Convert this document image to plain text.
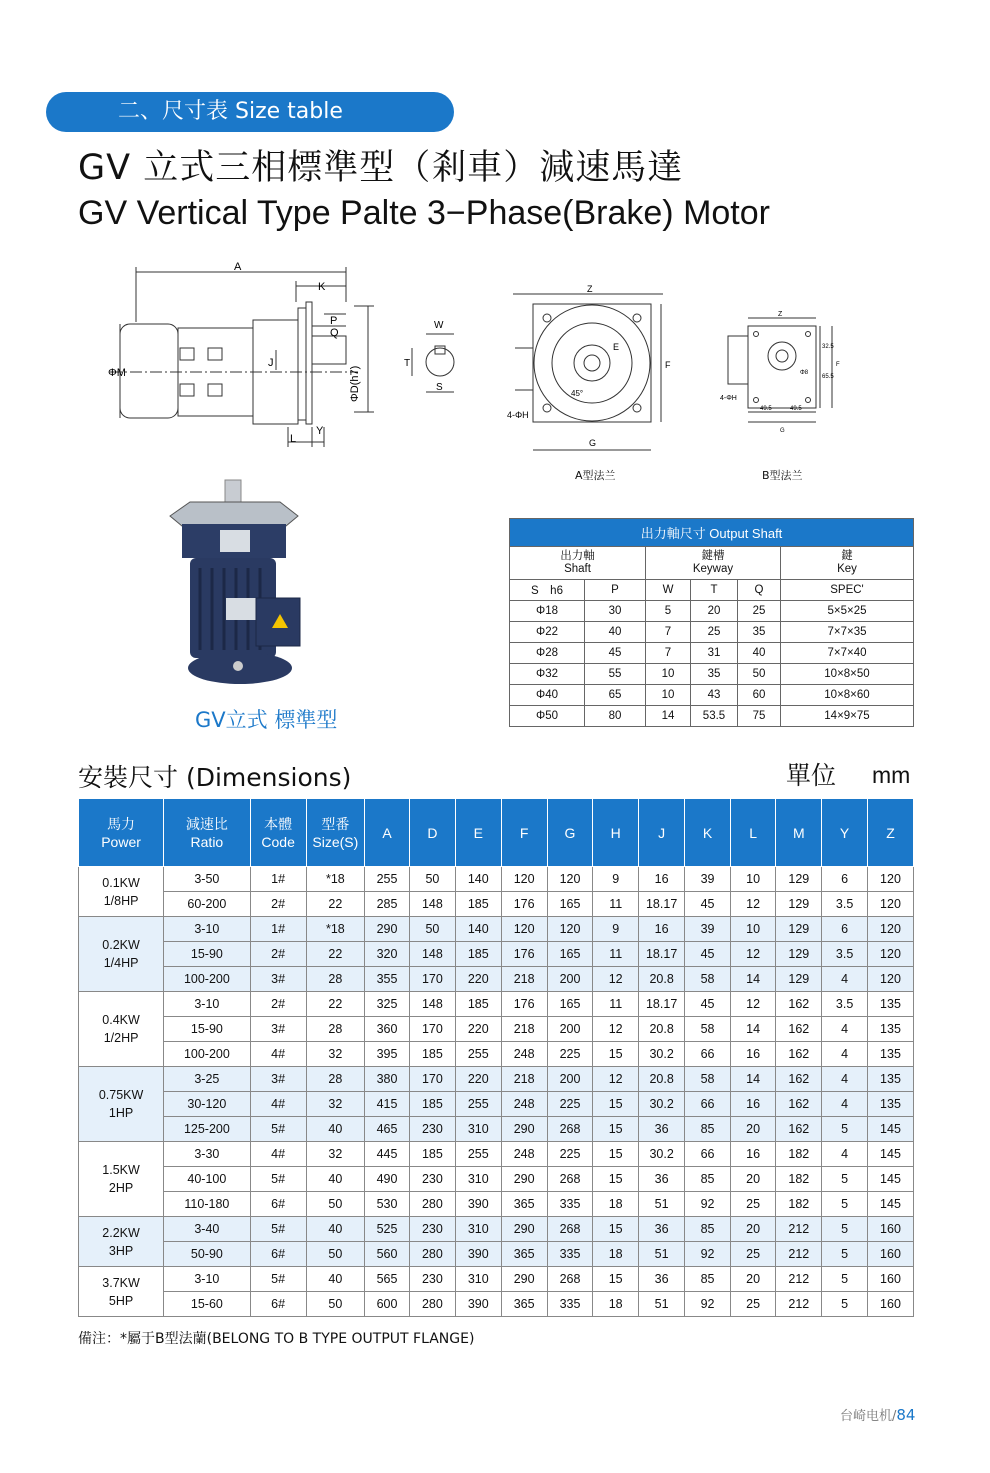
二、尺寸表 Size table
GV 立式三相標準型（剎車）減速馬達
GV Vertical Type Palte 3−Phase(Brake) Motor
A
K
P
Q
ΦM
J
L
Y
ΦD(h7)
W
T
S
Z
E
F
G
4-ΦH
45°
A型法兰
Z
Φ8
4-ΦH
49.5	49.5
32.5
65.5
F
G
B型法兰
GV立式 標準型
出力軸尺寸 Output Shaft					
出力軸
Shaft		鍵槽
Keyway			鍵
Key
S　h6	P	W	T	Q	SPEC'
Φ18	30	5	20	25	5×5×25
Φ22	40	7	25	35	7×7×35
Φ28	45	7	31	40	7×7×40
Φ32	55	10	35	50	10×8×50
Φ40	65	10	43	60	10×8×60
Φ50	80	14	53.5	75	14×9×75
安裝尺寸 (Dimensions)	單位 mm
馬力
Power	減速比
Ratio	本體
Code	型番
Size(S)	A	D	E	F	G	H	J	K	L	M	Y	Z
0.1KW
1/8HP	3-50	1#	*18	255	50	140	120	120	9	16	39	10	129	6	120
	60-200	2#	22	285	148	185	176	165	11	18.17	45	12	129	3.5	120
0.2KW
1/4HP	3-10	1#	*18	290	50	140	120	120	9	16	39	10	129	6	120
	15-90	2#	22	320	148	185	176	165	11	18.17	45	12	129	3.5	120
	100-200	3#	28	355	170	220	218	200	12	20.8	58	14	129	4	120
0.4KW
1/2HP	3-10	2#	22	325	148	185	176	165	11	18.17	45	12	162	3.5	135
	15-90	3#	28	360	170	220	218	200	12	20.8	58	14	162	4	135
	100-200	4#	32	395	185	255	248	225	15	30.2	66	16	162	4	135
0.75KW
1HP	3-25	3#	28	380	170	220	218	200	12	20.8	58	14	162	4	135
	30-120	4#	32	415	185	255	248	225	15	30.2	66	16	162	4	135
	125-200	5#	40	465	230	310	290	268	15	36	85	20	162	5	145
1.5KW
2HP	3-30	4#	32	445	185	255	248	225	15	30.2	66	16	182	4	145
	40-100	5#	40	490	230	310	290	268	15	36	85	20	182	5	145
	110-180	6#	50	530	280	390	365	335	18	51	92	25	182	5	145
2.2KW
3HP	3-40	5#	40	525	230	310	290	268	15	36	85	20	212	5	160
	50-90	6#	50	560	280	390	365	335	18	51	92	25	212	5	160
3.7KW
5HP	3-10	5#	40	565	230	310	290	268	15	36	85	20	212	5	160
	15-60	6#	50	600	280	390	365	335	18	51	92	25	212	5	160
備注：*屬于B型法蘭(BELONG TO B TYPE OUTPUT FLANGE)
台崎电机/84
